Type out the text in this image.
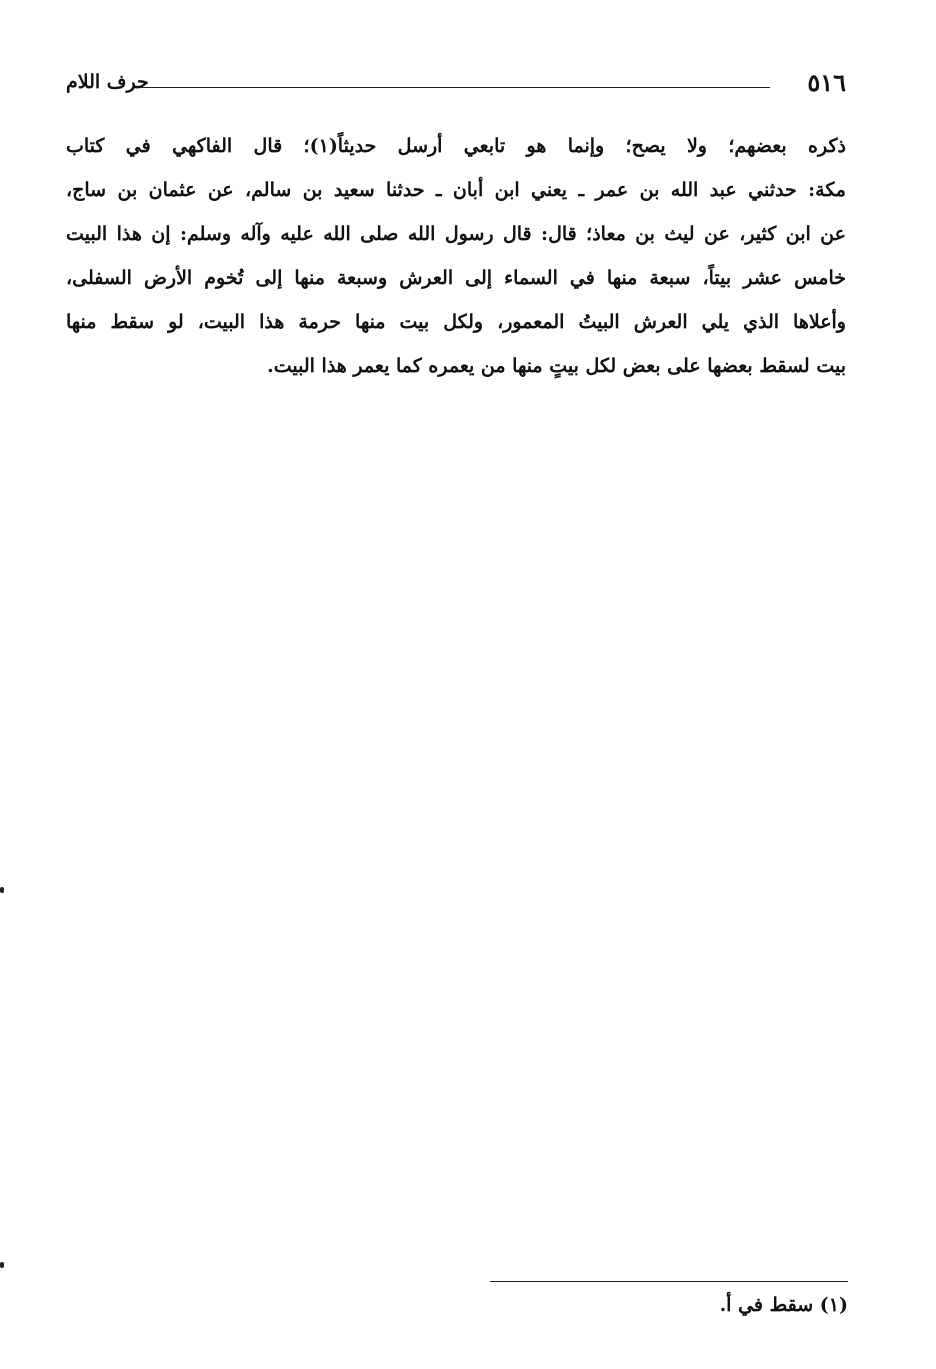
٥١٦
حرف اللام
ذكره بعضهم؛ ولا يصح؛ وإنما هو تابعي أرسل حديثاً(١)؛ قال الفاكهي في كتاب
مكة: حدثني عبد الله بن عمر ـ يعني ابن أبان ـ حدثنا سعيد بن سالم، عن عثمان بن ساج،
عن ابن كثير، عن ليث بن معاذ؛ قال: قال رسول الله صلى الله عليه وآله وسلم: إن هذا البيت
خامس عشر بيتاً، سبعة منها في السماء إلى العرش وسبعة منها إلى تُخوم الأرض السفلى،
وأعلاها الذي يلي العرش البيتُ المعمور، ولكل بيت منها حرمة هذا البيت، لو سقط منها
بيت لسقط بعضها على بعض لكل بيتٍ منها من يعمره كما يعمر هذا البيت.
(١) سقط في أ.
